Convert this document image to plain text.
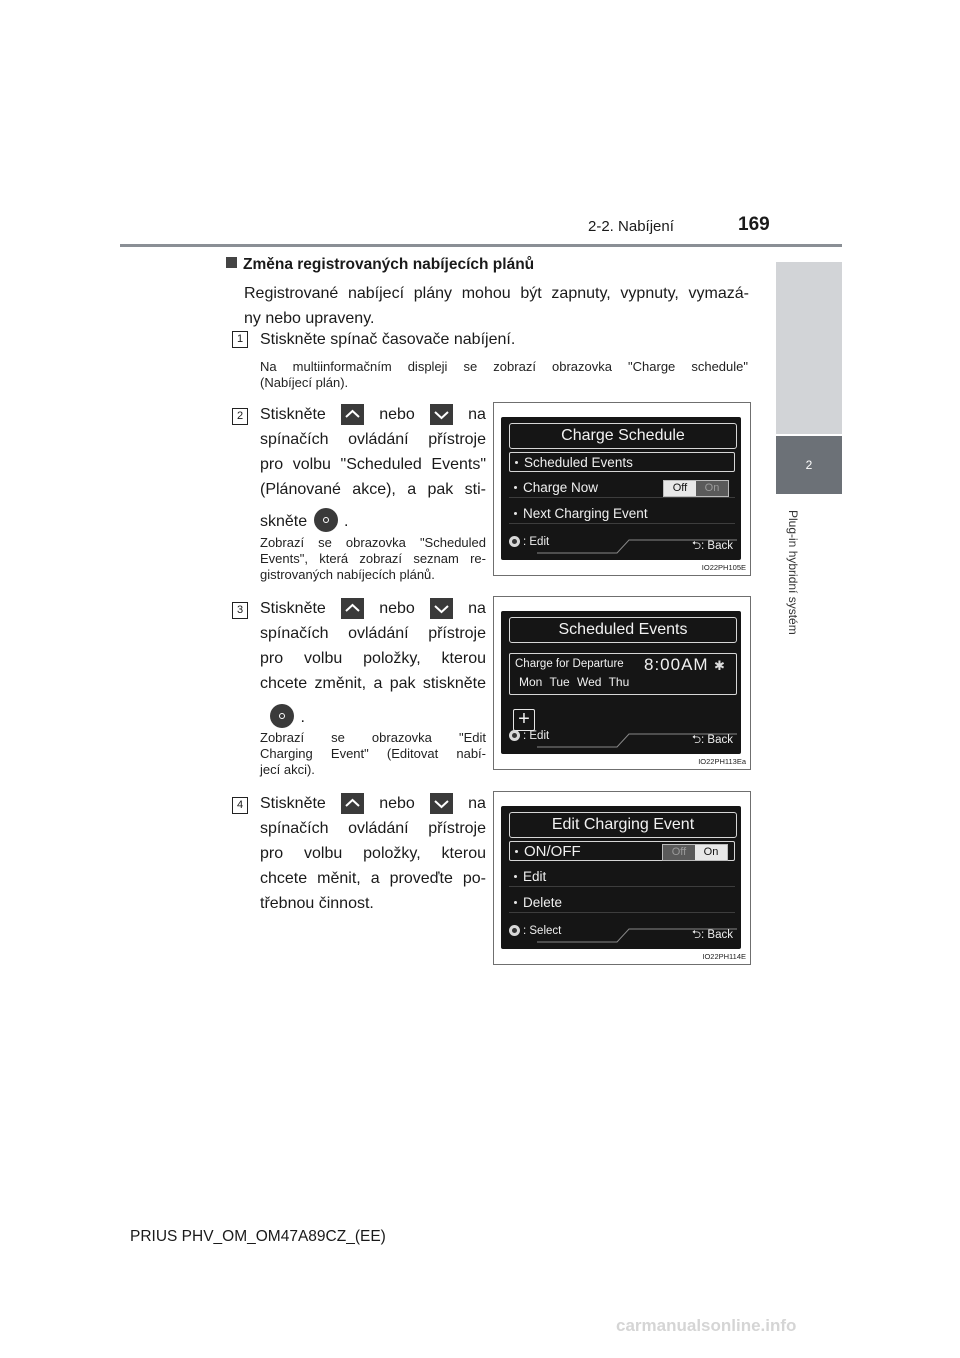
2-2. Nabíjení	169
2
Plug-in hybridní systém
Změna registrovaných nabíjecích plánů
Registrované nabíjecí plány mohou být zapnuty, vypnuty, vymazá-
ny nebo upraveny.
1	Stiskněte spínač časovače nabíjení.
Na multiinformačním displeji se zobrazí obrazovka "Charge schedule"
(Nabíjecí plán).
2	Stiskněte	nebo	na
spínačích ovládání přístroje
pro volbu "Scheduled Events"
(Plánované akce), a pak sti-
skněte .
Zobrazí se obrazovka "Scheduled
Events", která zobrazí seznam re-
gistrovaných nabíjecích plánů.
Charge Schedule
Scheduled Events
Charge Now	Off	On
Next Charging Event
: Edit	⮌: Back
IO22PH105E
3	Stiskněte	nebo	na
spínačích ovládání přístroje
pro volbu položky, kterou
chcete změnit, a pak stiskněte
.
Zobrazí se obrazovka "Edit
Charging Event" (Editovat nabí-
jecí akci).
Scheduled Events
Charge for Departure 8:00AM ✱
Mon Tue Wed Thu
+
: Edit	⮌: Back
IO22PH113Ea
4	Stiskněte	nebo	na
spínačích ovládání přístroje
pro volbu položky, kterou
chcete měnit, a proveďte po-
třebnou činnost.
Edit Charging Event
ON/OFF	Off	On
Edit
Delete
: Select	⮌: Back
IO22PH114E
PRIUS PHV_OM_OM47A89CZ_(EE)
carmanualsonline.info
